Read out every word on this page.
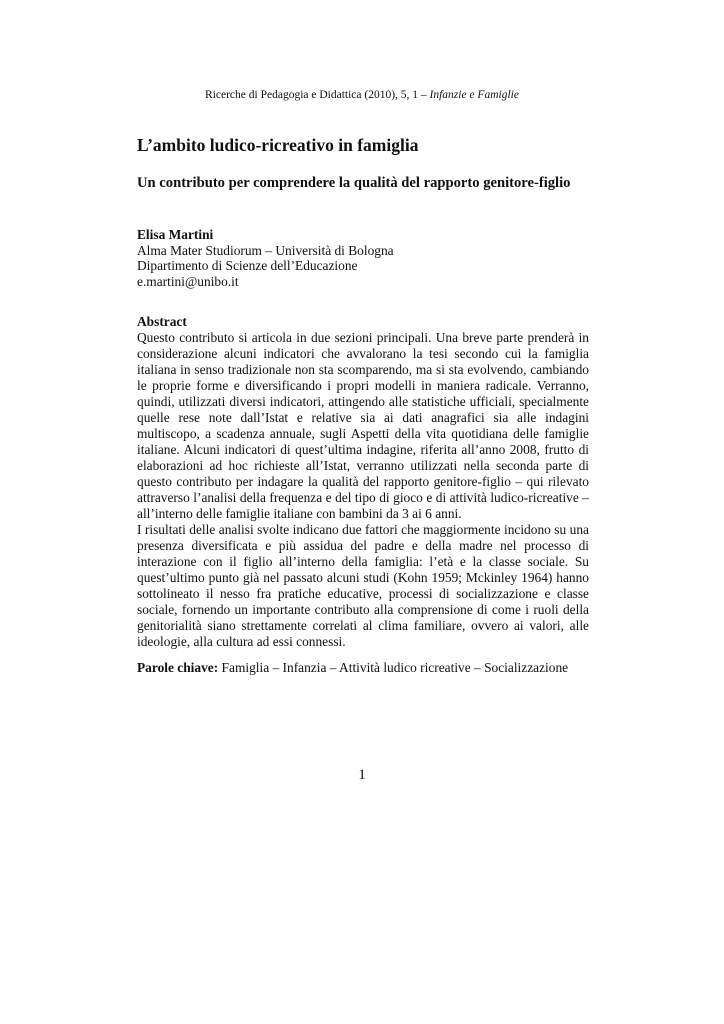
Ricerche di Pedagogia e Didattica (2010), 5, 1 – Infanzie e Famiglie
L’ambito ludico-ricreativo in famiglia
Un contributo per comprendere la qualità del rapporto genitore-figlio
Elisa Martini
Alma Mater Studiorum – Università di Bologna
Dipartimento di Scienze dell’Educazione
e.martini@unibo.it
Abstract

Questo contributo si articola in due sezioni principali. Una breve parte prenderà in considerazione alcuni indicatori che avvalorano la tesi secondo cui la famiglia italiana in senso tradizionale non sta scomparendo, ma si sta evolvendo, cambiando le proprie forme e diversificando i propri modelli in maniera radicale. Verranno, quindi, utilizzati diversi indicatori, attingendo alle statistiche ufficiali, specialmente quelle rese note dall’Istat e relative sia ai dati anagrafici sia alle indagini multiscopo, a scadenza annuale, sugli Aspetti della vita quotidiana delle famiglie italiane. Alcuni indicatori di quest’ultima indagine, riferita all’anno 2008, frutto di elaborazioni ad hoc richieste all’Istat, verranno utilizzati nella seconda parte di questo contributo per indagare la qualità del rapporto genitore-figlio – qui rilevato attraverso l’analisi della frequenza e del tipo di gioco e di attività ludico-ricreative – all’interno delle famiglie italiane con bambini da 3 ai 6 anni.

I risultati delle analisi svolte indicano due fattori che maggiormente incidono su una presenza diversificata e più assidua del padre e della madre nel processo di interazione con il figlio all’interno della famiglia: l’età e la classe sociale. Su quest’ultimo punto già nel passato alcuni studi (Kohn 1959; Mckinley 1964) hanno sottolineato il nesso fra pratiche educative, processi di socializzazione e classe sociale, fornendo un importante contributo alla comprensione di come i ruoli della genitorialità siano strettamente correlati al clima familiare, ovvero ai valori, alle ideologie, alla cultura ad essi connessi.

Parole chiave: Famiglia – Infanzia – Attività ludico ricreative – Socializzazione
1
